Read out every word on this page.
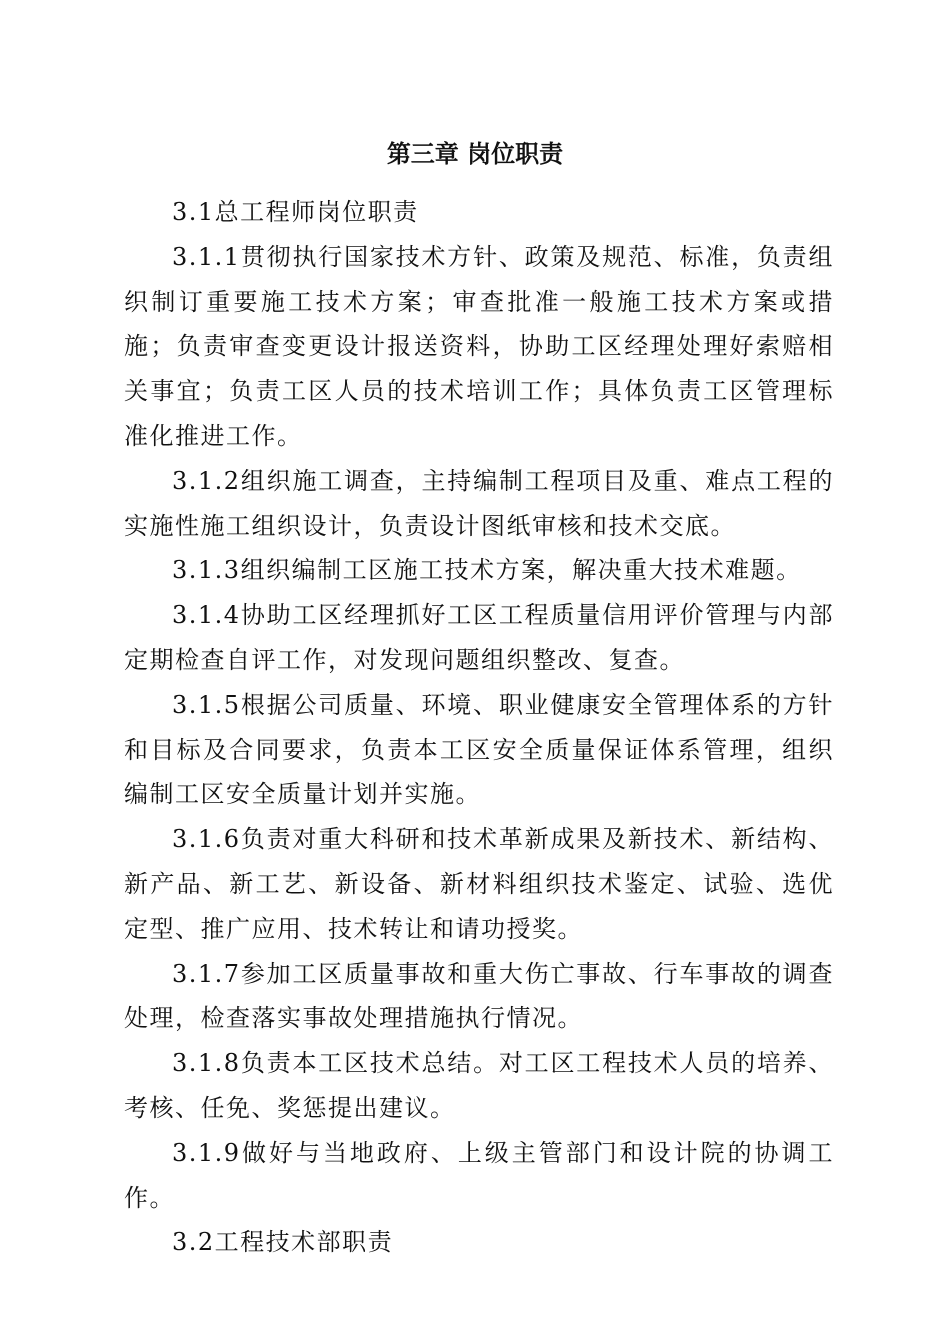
第三章 岗位职责

3.1总工程师岗位职责

3.1.1贯彻执行国家技术方针、政策及规范、标准，负责组织制订重要施工技术方案；审查批准一般施工技术方案或措施；负责审查变更设计报送资料，协助工区经理处理好索赔相关事宜；负责工区人员的技术培训工作；具体负责工区管理标准化推进工作。

3.1.2组织施工调查，主持编制工程项目及重、难点工程的实施性施工组织设计，负责设计图纸审核和技术交底。

3.1.3组织编制工区施工技术方案，解决重大技术难题。

3.1.4协助工区经理抓好工区工程质量信用评价管理与内部定期检查自评工作，对发现问题组织整改、复查。

3.1.5根据公司质量、环境、职业健康安全管理体系的方针和目标及合同要求，负责本工区安全质量保证体系管理，组织编制工区安全质量计划并实施。

3.1.6负责对重大科研和技术革新成果及新技术、新结构、新产品、新工艺、新设备、新材料组织技术鉴定、试验、选优定型、推广应用、技术转让和请功授奖。

3.1.7参加工区质量事故和重大伤亡事故、行车事故的调查处理，检查落实事故处理措施执行情况。

3.1.8负责本工区技术总结。对工区工程技术人员的培养、考核、任免、奖惩提出建议。

3.1.9做好与当地政府、上级主管部门和设计院的协调工作。

3.2工程技术部职责
